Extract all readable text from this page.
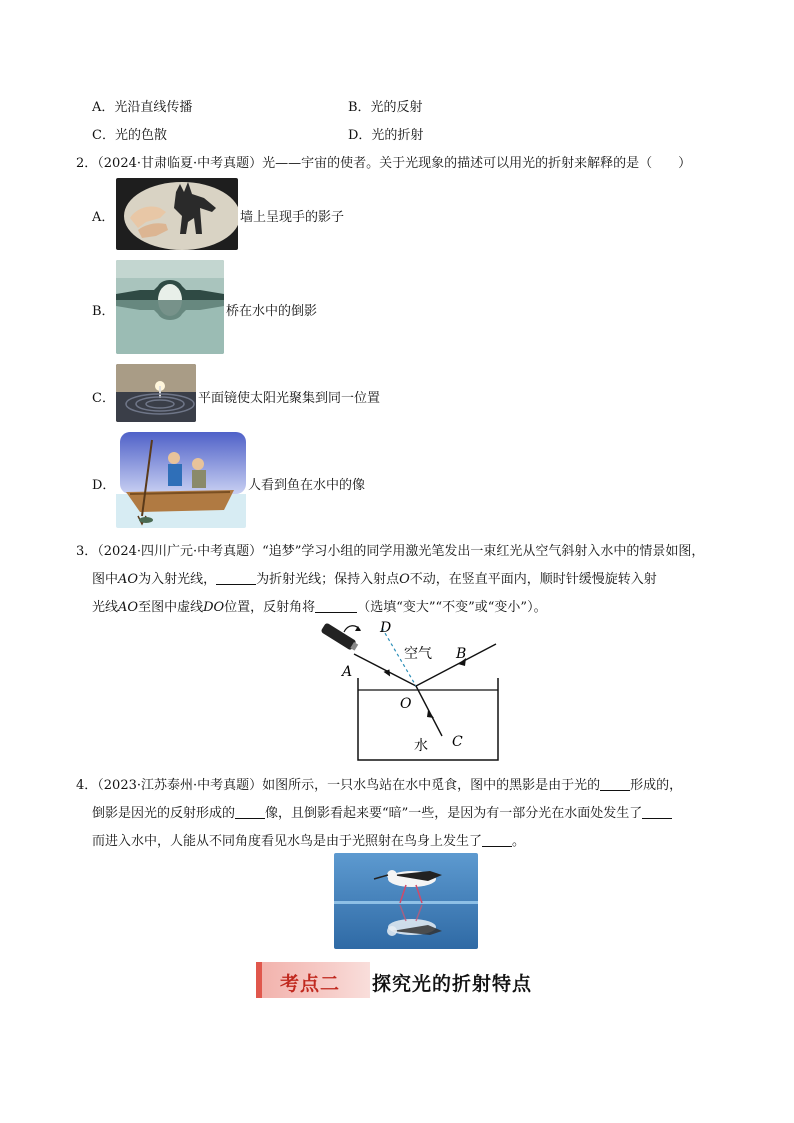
A．光沿直线传播	B．光的反射
C．光的色散	D．光的折射
2．（2024·甘肃临夏·中考真题）光——宇宙的使者。关于光现象的描述可以用光的折射来解释的是（　　）
A．	墙上呈现手的影子
B．	桥在水中的倒影
C．	平面镜使太阳光聚集到同一位置
D．	人看到鱼在水中的像
3．（2024·四川广元·中考真题）“追梦”学习小组的同学用激光笔发出一束红光从空气斜射入水中的情景如图，
图中AO为入射光线，	为折射光线；保持入射点O不动，在竖直平面内，顺时针缓慢旋转入射
光线AO至图中虚线DO位置，反射角将	（选填“变大”“不变”或“变小”）。
D
空气 B
A
O
水 C
4．（2023·江苏泰州·中考真题）如图所示，一只水鸟站在水中觅食，图中的黑影是由于光的 形成的，
倒影是因光的反射形成的 像，且倒影看起来要“暗”一些，是因为有一部分光在水面处发生了
而进入水中，人能从不同角度看见水鸟是由于光照射在鸟身上发生了 。
考点二 探究光的折射特点
